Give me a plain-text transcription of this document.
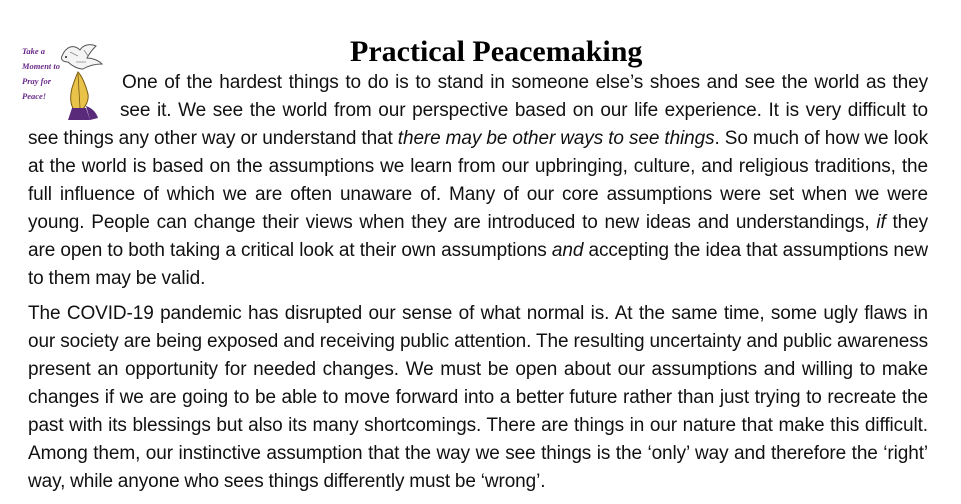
Take a
Moment to
Pray for
Peace!
Practical Peacemaking

One of the hardest things to do is to stand in someone else’s shoes and see the world as they see it. We see the world from our perspective based on our life experience. It is very difficult to see things any other way or understand that there may be other ways to see things. So much of how we look at the world is based on the assumptions we learn from our upbringing, culture, and religious traditions, the full influence of which we are often unaware of. Many of our core assumptions were set when we were young. People can change their views when they are introduced to new ideas and understandings, if they are open to both taking a critical look at their own assumptions and accepting the idea that assumptions new to them may be valid.

The COVID-19 pandemic has disrupted our sense of what normal is. At the same time, some ugly flaws in our society are being exposed and receiving public attention. The resulting uncertainty and public awareness present an opportunity for needed changes. We must be open about our assumptions and willing to make changes if we are going to be able to move forward into a better future rather than just trying to recreate the past with its blessings but also its many shortcomings. There are things in our nature that make this difficult. Among them, our instinctive assumption that the way we see things is the ‘only’ way and therefore the ‘right’ way, while anyone who sees things differently must be ‘wrong’.
